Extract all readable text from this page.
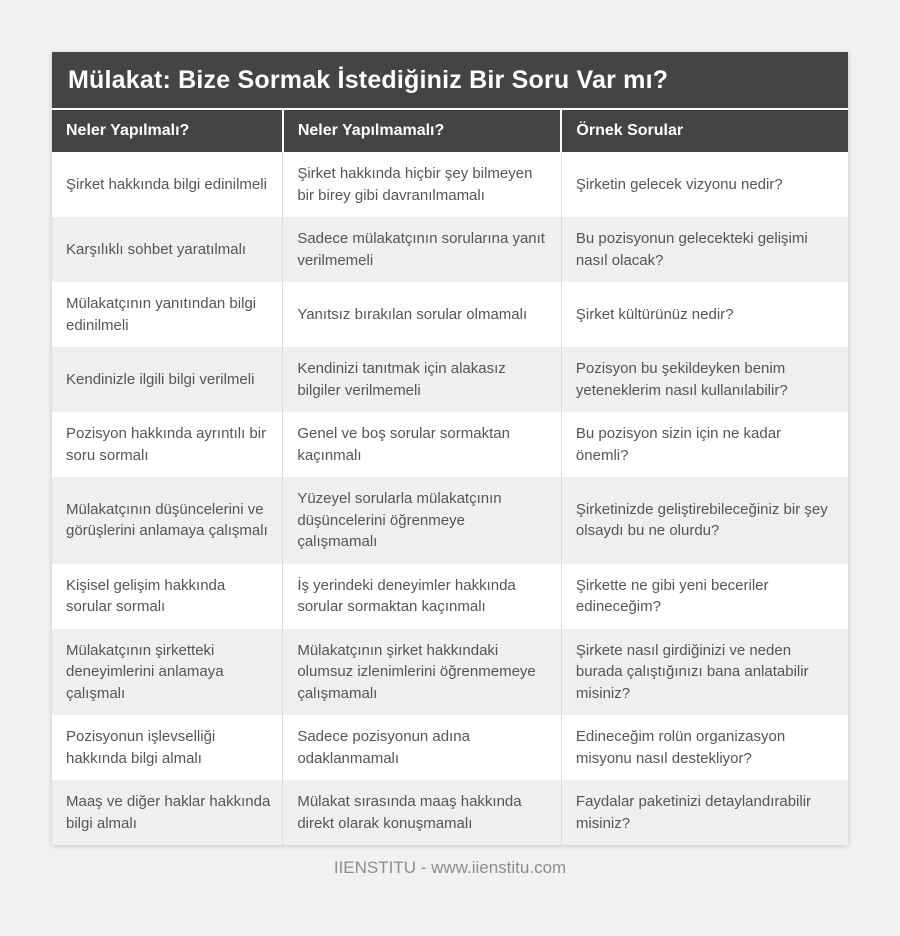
Mülakat: Bize Sormak İstediğiniz Bir Soru Var mı?
Neler Yapılmalı?	Neler Yapılmamalı?	Örnek Sorular
Şirket hakkında bilgi edinilmeli	Şirket hakkında hiçbir şey bilmeyen bir birey gibi davranılmamalı	Şirketin gelecek vizyonu nedir?
Karşılıklı sohbet yaratılmalı	Sadece mülakatçının sorularına yanıt verilmemeli	Bu pozisyonun gelecekteki gelişimi nasıl olacak?
Mülakatçının yanıtından bilgi edinilmeli	Yanıtsız bırakılan sorular olmamalı	Şirket kültürünüz nedir?
Kendinizle ilgili bilgi verilmeli	Kendinizi tanıtmak için alakasız bilgiler verilmemeli	Pozisyon bu şekildeyken benim yeteneklerim nasıl kullanılabilir?
Pozisyon hakkında ayrıntılı bir soru sormalı	Genel ve boş sorular sormaktan kaçınmalı	Bu pozisyon sizin için ne kadar önemli?
Mülakatçının düşüncelerini ve görüşlerini anlamaya çalışmalı	Yüzeyel sorularla mülakatçının düşüncelerini öğrenmeye çalışmamalı	Şirketinizde geliştirebileceğiniz bir şey olsaydı bu ne olurdu?
Kişisel gelişim hakkında sorular sormalı	İş yerindeki deneyimler hakkında sorular sormaktan kaçınmalı	Şirkette ne gibi yeni beceriler edineceğim?
Mülakatçının şirketteki deneyimlerini anlamaya çalışmalı	Mülakatçının şirket hakkındaki olumsuz izlenimlerini öğrenmemeye çalışmamalı	Şirkete nasıl girdiğinizi ve neden burada çalıştığınızı bana anlatabilir misiniz?
Pozisyonun işlevselliği hakkında bilgi almalı	Sadece pozisyonun adına odaklanmamalı	Edineceğim rolün organizasyon misyonu nasıl destekliyor?
Maaş ve diğer haklar hakkında bilgi almalı	Mülakat sırasında maaş hakkında direkt olarak konuşmamalı	Faydalar paketinizi detaylandırabilir misiniz?
IIENSTITU - www.iienstitu.com
